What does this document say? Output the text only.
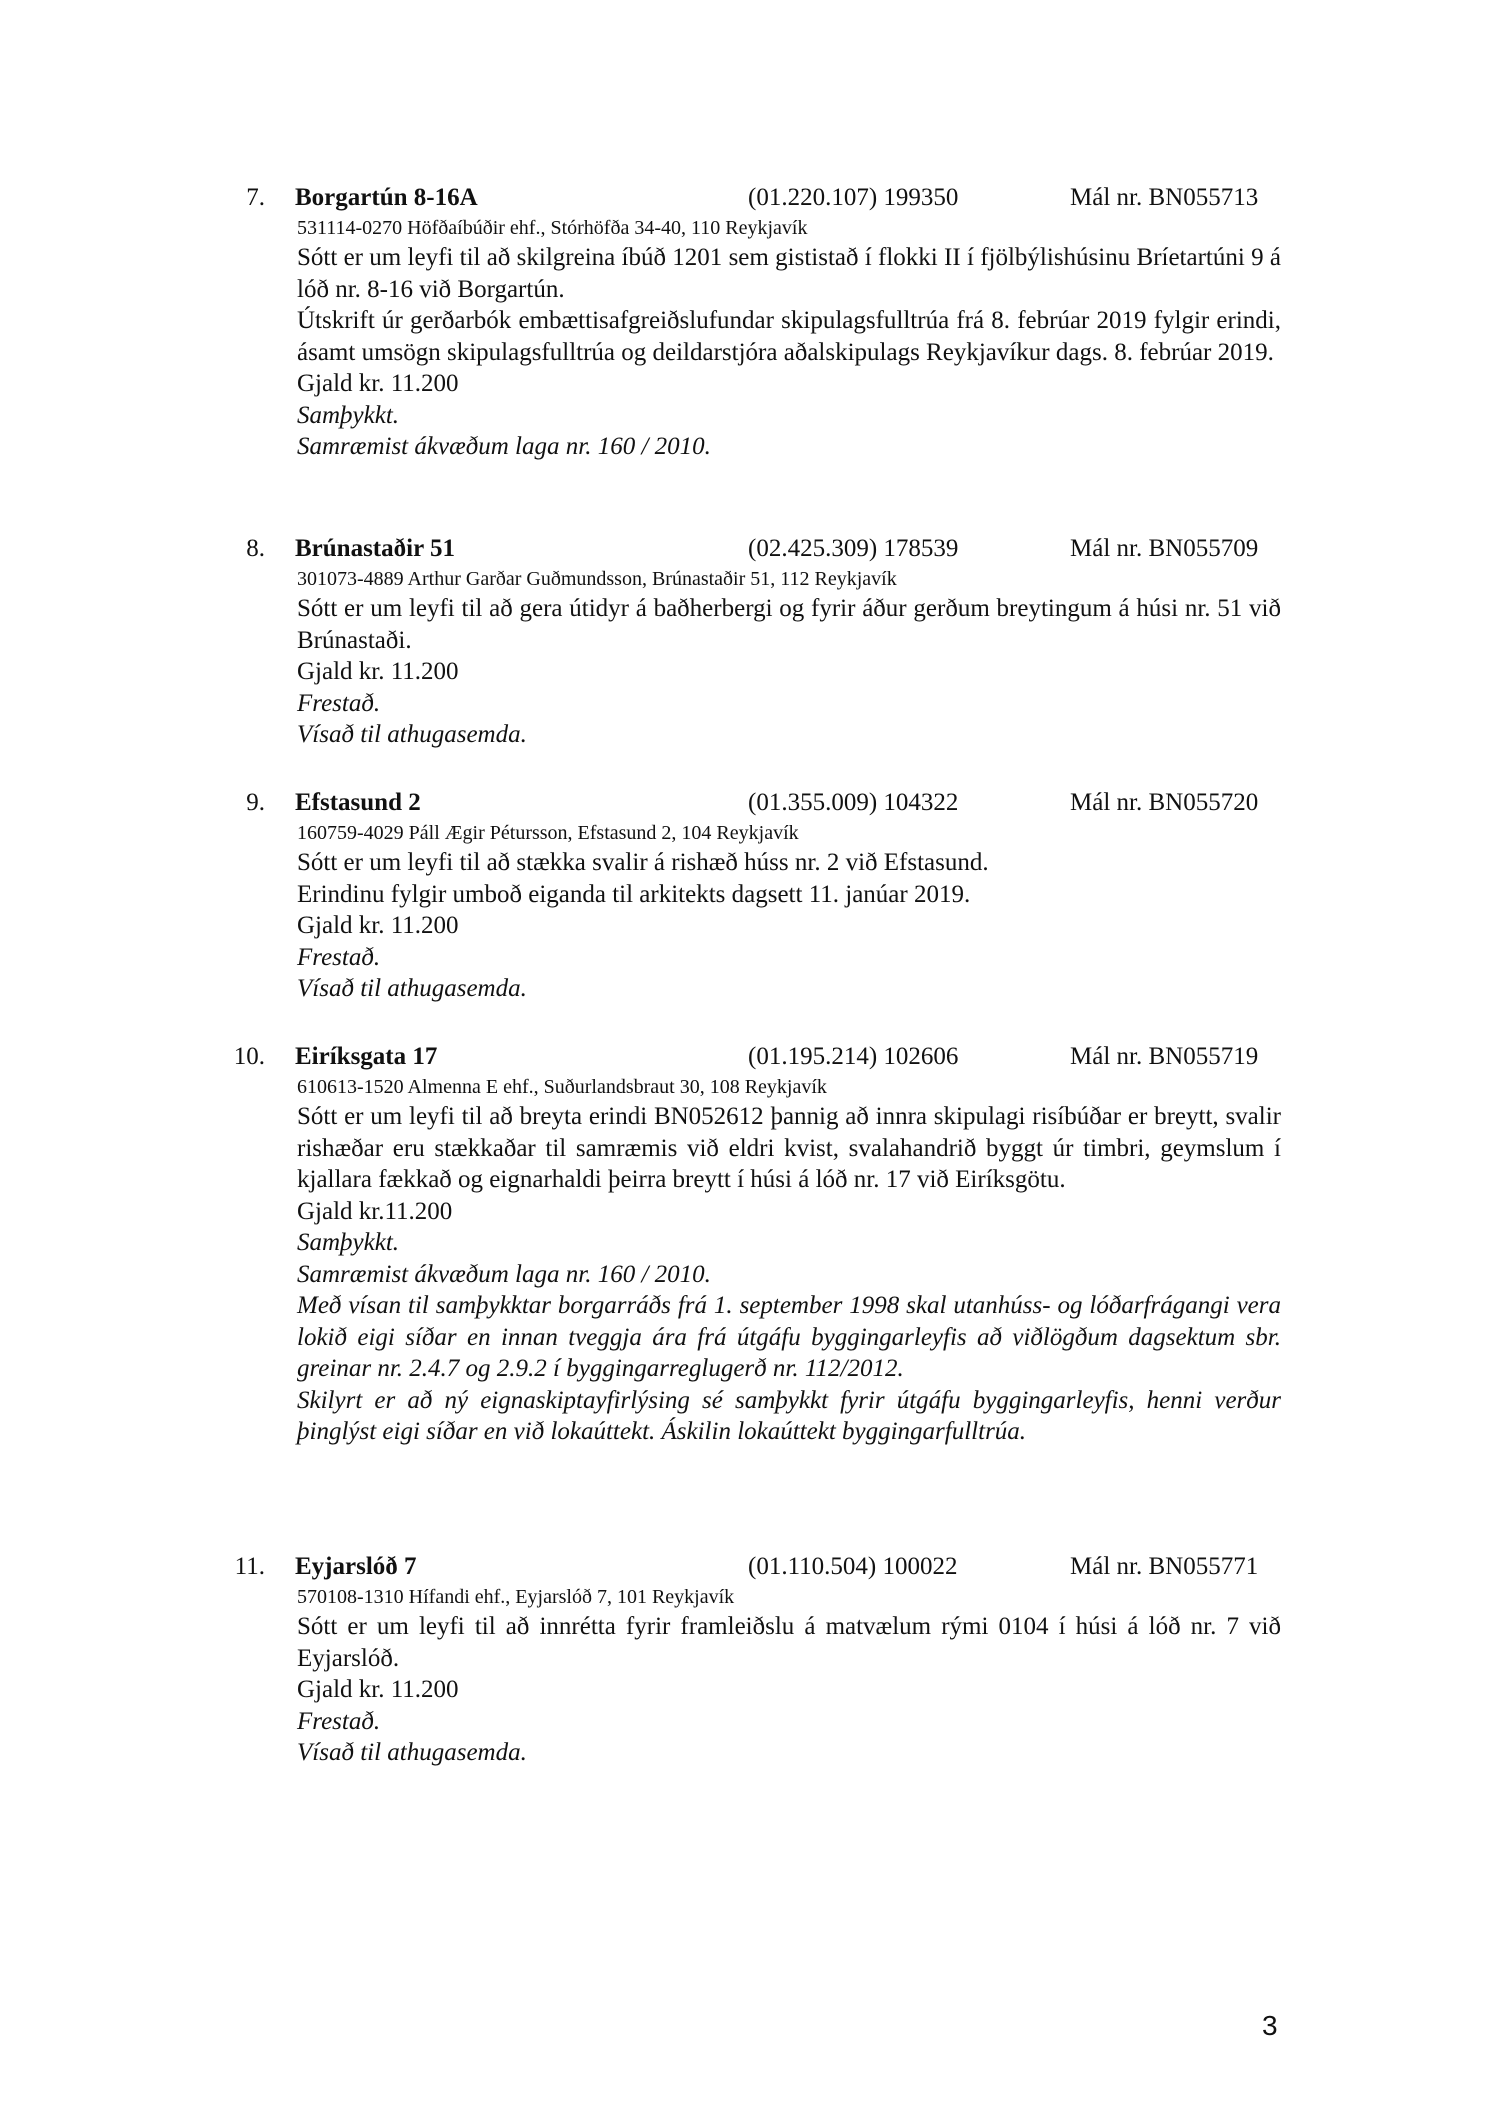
7. Borgartún 8-16A	(01.220.107) 199350	Mál nr. BN055713
531114-0270 Höfðaíbúðir ehf., Stórhöfða 34-40, 110 Reykjavík

Sótt er um leyfi til að skilgreina íbúð 1201 sem gististað í flokki II í fjölbýlishúsinu Bríetartúni 9 á lóð nr. 8-16 við Borgartún.

Útskrift úr gerðarbók embættisafgreiðslufundar skipulagsfulltrúa frá 8. febrúar 2019 fylgir erindi, ásamt umsögn skipulagsfulltrúa og deildarstjóra aðalskipulags Reykjavíkur dags. 8. febrúar 2019.

Gjald kr. 11.200

Samþykkt.

Samræmist ákvæðum laga nr. 160 / 2010.

8. Brúnastaðir 51	(02.425.309) 178539	Mál nr. BN055709
301073-4889 Arthur Garðar Guðmundsson, Brúnastaðir 51, 112 Reykjavík

Sótt er um leyfi til að gera útidyr á baðherbergi og fyrir áður gerðum breytingum á húsi nr. 51 við Brúnastaði.

Gjald kr. 11.200

Frestað.

Vísað til athugasemda.

9. Efstasund 2	(01.355.009) 104322	Mál nr. BN055720
160759-4029 Páll Ægir Pétursson, Efstasund 2, 104 Reykjavík

Sótt er um leyfi til að stækka svalir á rishæð húss nr. 2 við Efstasund.

Erindinu fylgir umboð eiganda til arkitekts dagsett 11. janúar 2019.

Gjald kr. 11.200

Frestað.

Vísað til athugasemda.

10. Eiríksgata 17	(01.195.214) 102606	Mál nr. BN055719
610613-1520 Almenna E ehf., Suðurlandsbraut 30, 108 Reykjavík

Sótt er um leyfi til að breyta erindi BN052612 þannig að innra skipulagi risíbúðar er breytt, svalir rishæðar eru stækkaðar til samræmis við eldri kvist, svalahandrið byggt úr timbri, geymslum í kjallara fækkað og eignarhaldi þeirra breytt í húsi á lóð nr. 17 við Eiríksgötu.

Gjald kr.11.200

Samþykkt.

Samræmist ákvæðum laga nr. 160 / 2010.

Með vísan til samþykktar borgarráðs frá 1. september 1998 skal utanhúss- og lóðarfrágangi vera lokið eigi síðar en innan tveggja ára frá útgáfu byggingarleyfis að viðlögðum dagsektum sbr. greinar nr. 2.4.7 og 2.9.2 í byggingarreglugerð nr. 112/2012.

Skilyrt er að ný eignaskiptayfirlýsing sé samþykkt fyrir útgáfu byggingarleyfis, henni verður þinglýst eigi síðar en við lokaúttekt. Áskilin lokaúttekt byggingarfulltrúa.

11. Eyjarslóð 7	(01.110.504) 100022	Mál nr. BN055771
570108-1310 Hífandi ehf., Eyjarslóð 7, 101 Reykjavík

Sótt er um leyfi til að innrétta fyrir framleiðslu á matvælum rými 0104 í húsi á lóð nr. 7 við Eyjarslóð.

Gjald kr. 11.200

Frestað.

Vísað til athugasemda.

3
